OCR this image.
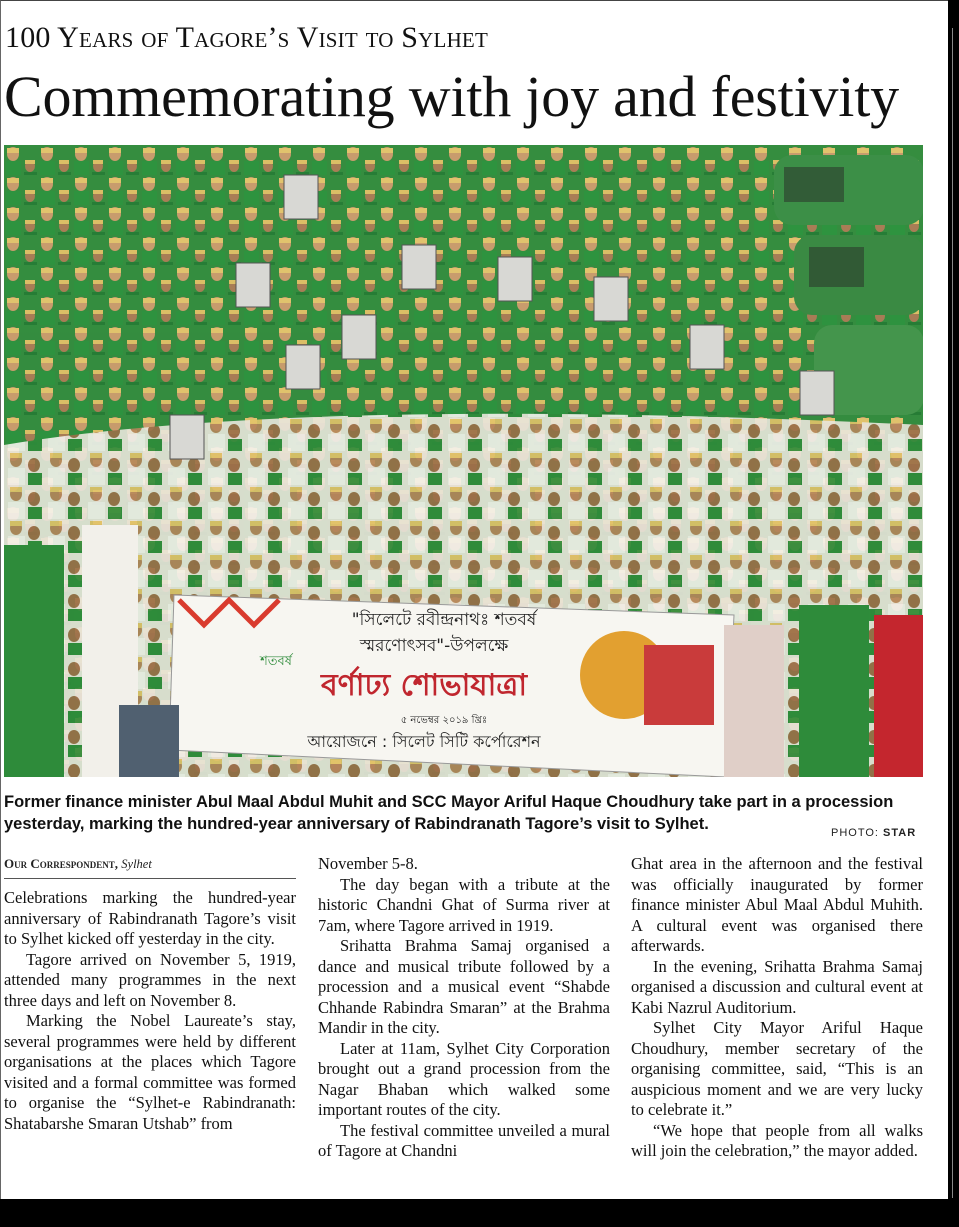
100 Years of Tagore’s Visit to Sylhet
Commemorating with joy and festivity
"সিলেটে রবীন্দ্রনাথঃ শতবর্ষ
স্মরণোৎসব"-উপলক্ষে
বর্ণাঢ্য শোভাযাত্রা
৫ নভেম্বর ২০১৯ খ্রিঃ
আয়োজনে : সিলেট সিটি কর্পোরেশন
শতবর্ষ
Former finance minister Abul Maal Abdul Muhit and SCC Mayor Ariful Haque Choudhury take part in a procession yesterday, marking the hundred-year anniversary of Rabindranath Tagore’s visit to Sylhet.	PHOTO: STAR
Our Correspondent, Sylhet

Celebrations marking the hundred-year anniversary of Rabindranath Tagore’s visit to Sylhet kicked off yesterday in the city.

Tagore arrived on November 5, 1919, attended many programmes in the next three days and left on November 8.

Marking the Nobel Laureate’s stay, several programmes were held by different organisations at the places which Tagore visited and a formal committee was formed to organise the “Sylhet-e Rabindranath: Shatabarshe Smaran Utshab” from

November 5-8.

The day began with a tribute at the historic Chandni Ghat of Surma river at 7am, where Tagore arrived in 1919.

Srihatta Brahma Samaj organised a dance and musical tribute followed by a procession and a musical event “Shabde Chhande Rabindra Smaran” at the Brahma Mandir in the city.

Later at 11am, Sylhet City Corporation brought out a grand procession from the Nagar Bhaban which walked some important routes of the city.

The festival committee unveiled a mural of Tagore at Chandni

Ghat area in the afternoon and the festival was officially inaugurated by former finance minister Abul Maal Abdul Muhith. A cultural event was organised there afterwards.

In the evening, Srihatta Brahma Samaj organised a discussion and cultural event at Kabi Nazrul Auditorium.

Sylhet City Mayor Ariful Haque Choudhury, member secretary of the organising committee, said, “This is an auspicious moment and we are very lucky to celebrate it.”

“We hope that people from all walks will join the celebration,” the mayor added.
